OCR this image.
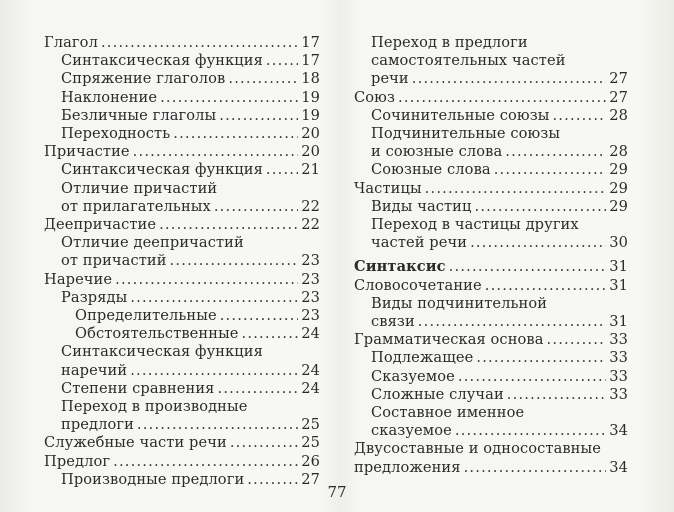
Глагол .....	17
Синтаксическая функция .....	17
Спряжение глаголов .....	18
Наклонение .....	19
Безличные глаголы .....	19
Переходность .....	20
Причастие .....	20
Синтаксическая функция .....	21
Отличие причастий
от прилагательных .....	22
Деепричастие .....	22
Отличие деепричастий
от причастий .....	23
Наречие .....	23
Разряды .....	23
Определительные .....	23
Обстоятельственные .....	24
Синтаксическая функция
наречий .....	24
Степени сравнения .....	24
Переход в производные
предлоги .....	25
Служебные части речи .....	25
Предлог .....	26
Производные предлоги .....	27
Переход в предлоги
самостоятельных частей
речи .....	27
Союз .....	27
Сочинительные союзы .....	28
Подчинительные союзы
и союзные слова .....	28
Союзные слова .....	29
Частицы .....	29
Виды частиц .....	29
Переход в частицы других
частей речи .....	30
Синтаксис .....	31
Словосочетание .....	31
Виды подчинительной
связи .....	31
Грамматическая основа .....	33
Подлежащее .....	33
Сказуемое .....	33
Сложные случаи .....	33
Составное именное
сказуемое .....	34
Двусоставные и односоставные
предложения .....	34
77
